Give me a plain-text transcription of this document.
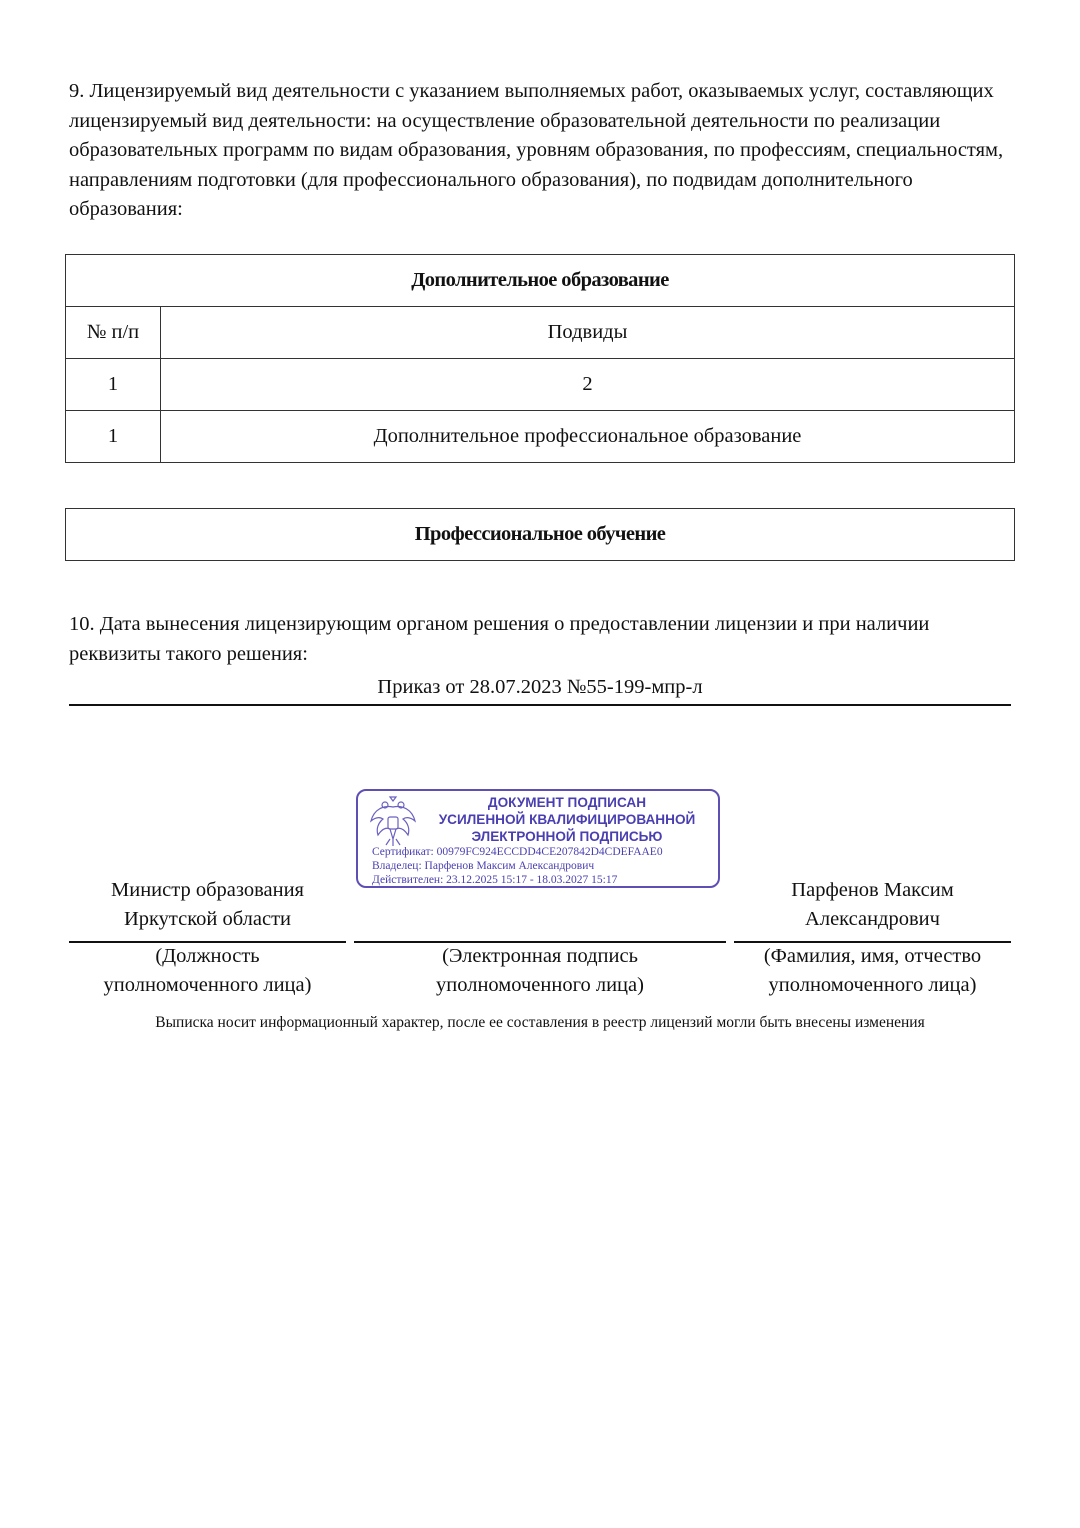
9. Лицензируемый вид деятельности с указанием выполняемых работ, оказываемых услуг, составляющих лицензируемый вид деятельности: на осуществление образовательной деятельности по реализации образовательных программ по видам образования, уровням образования, по профессиям, специальностям, направлениям подготовки (для профессионального образования), по подвидам дополнительного образования:
Дополнительное образование	
№ п/п	Подвиды
1	2
1	Дополнительное профессиональное образование
Профессиональное обучение
10. Дата вынесения лицензирующим органом решения о предоставлении лицензии и при наличии реквизиты такого решения:
Приказ от 28.07.2023 №55-199-мпр-л
ДОКУМЕНТ ПОДПИСАН
УСИЛЕННОЙ КВАЛИФИЦИРОВАННОЙ
ЭЛЕКТРОННОЙ ПОДПИСЬЮ
Сертификат: 00979FC924ECCDD4CE207842D4CDEFAAE0
Владелец: Парфенов Максим Александрович
Действителен: 23.12.2025 15:17 - 18.03.2027 15:17
Министр образования
Иркутской области
Парфенов Максим
Александрович
(Должность
уполномоченного лица)
(Электронная подпись
уполномоченного лица)
(Фамилия, имя, отчество
уполномоченного лица)
Выписка носит информационный характер, после ее составления в реестр лицензий могли быть внесены изменения
